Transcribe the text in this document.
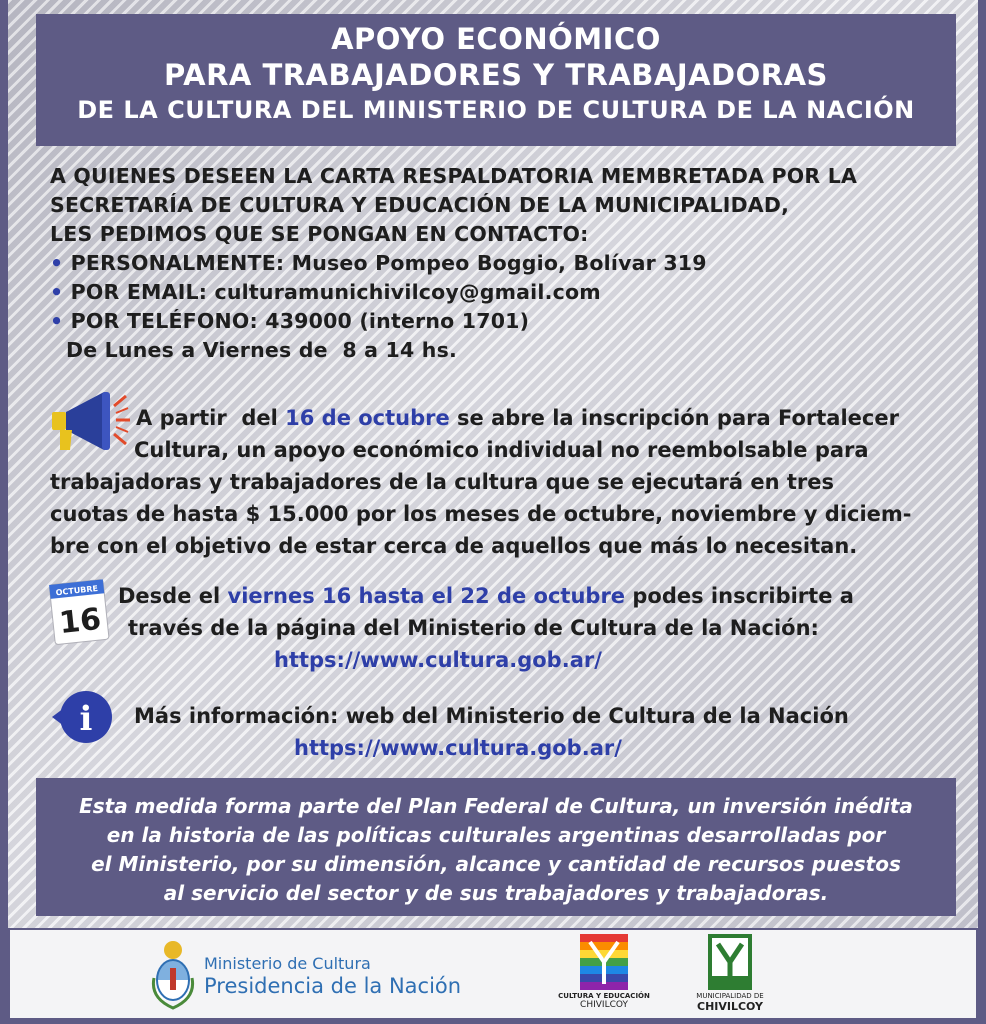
APOYO ECONÓMICO
PARA TRABAJADORES Y TRABAJADORAS
DE LA CULTURA DEL MINISTERIO DE CULTURA DE LA NACIÓN
A QUIENES DESEEN LA CARTA RESPALDATORIA MEMBRETADA POR LA
SECRETARÍA DE CULTURA Y EDUCACIÓN DE LA MUNICIPALIDAD,
LES PEDIMOS QUE SE PONGAN EN CONTACTO:
• PERSONALMENTE: Museo Pompeo Boggio, Bolívar 319
• POR EMAIL: culturamunichivilcoy@gmail.com
• POR TELÉFONO: 439000 (interno 1701)
De Lunes a Viernes de  8 a 14 hs.
A partir  del 16 de octubre se abre la inscripción para Fortalecer
Cultura, un apoyo económico individual no reembolsable para
trabajadoras y trabajadores de la cultura que se ejecutará en tres
cuotas de hasta $ 15.000 por los meses de octubre, noviembre y diciem-
bre con el objetivo de estar cerca de aquellos que más lo necesitan.
OCTUBRE
16
Desde el viernes 16 hasta el 22 de octubre podes inscribirte a
través de la página del Ministerio de Cultura de la Nación:
https://www.cultura.gob.ar/
i Más información: web del Ministerio de Cultura de la Nación
https://www.cultura.gob.ar/
Esta medida forma parte del Plan Federal de Cultura, un inversión inédita
en la historia de las políticas culturales argentinas desarrolladas por
el Ministerio, por su dimensión, alcance y cantidad de recursos puestos
al servicio del sector y de sus trabajadores y trabajadoras.
Ministerio de Cultura
Presidencia de la Nación	CULTURA Y EDUCACIÓN
CHIVILCOY
MUNICIPALIDAD DE
CHIVILCOY
